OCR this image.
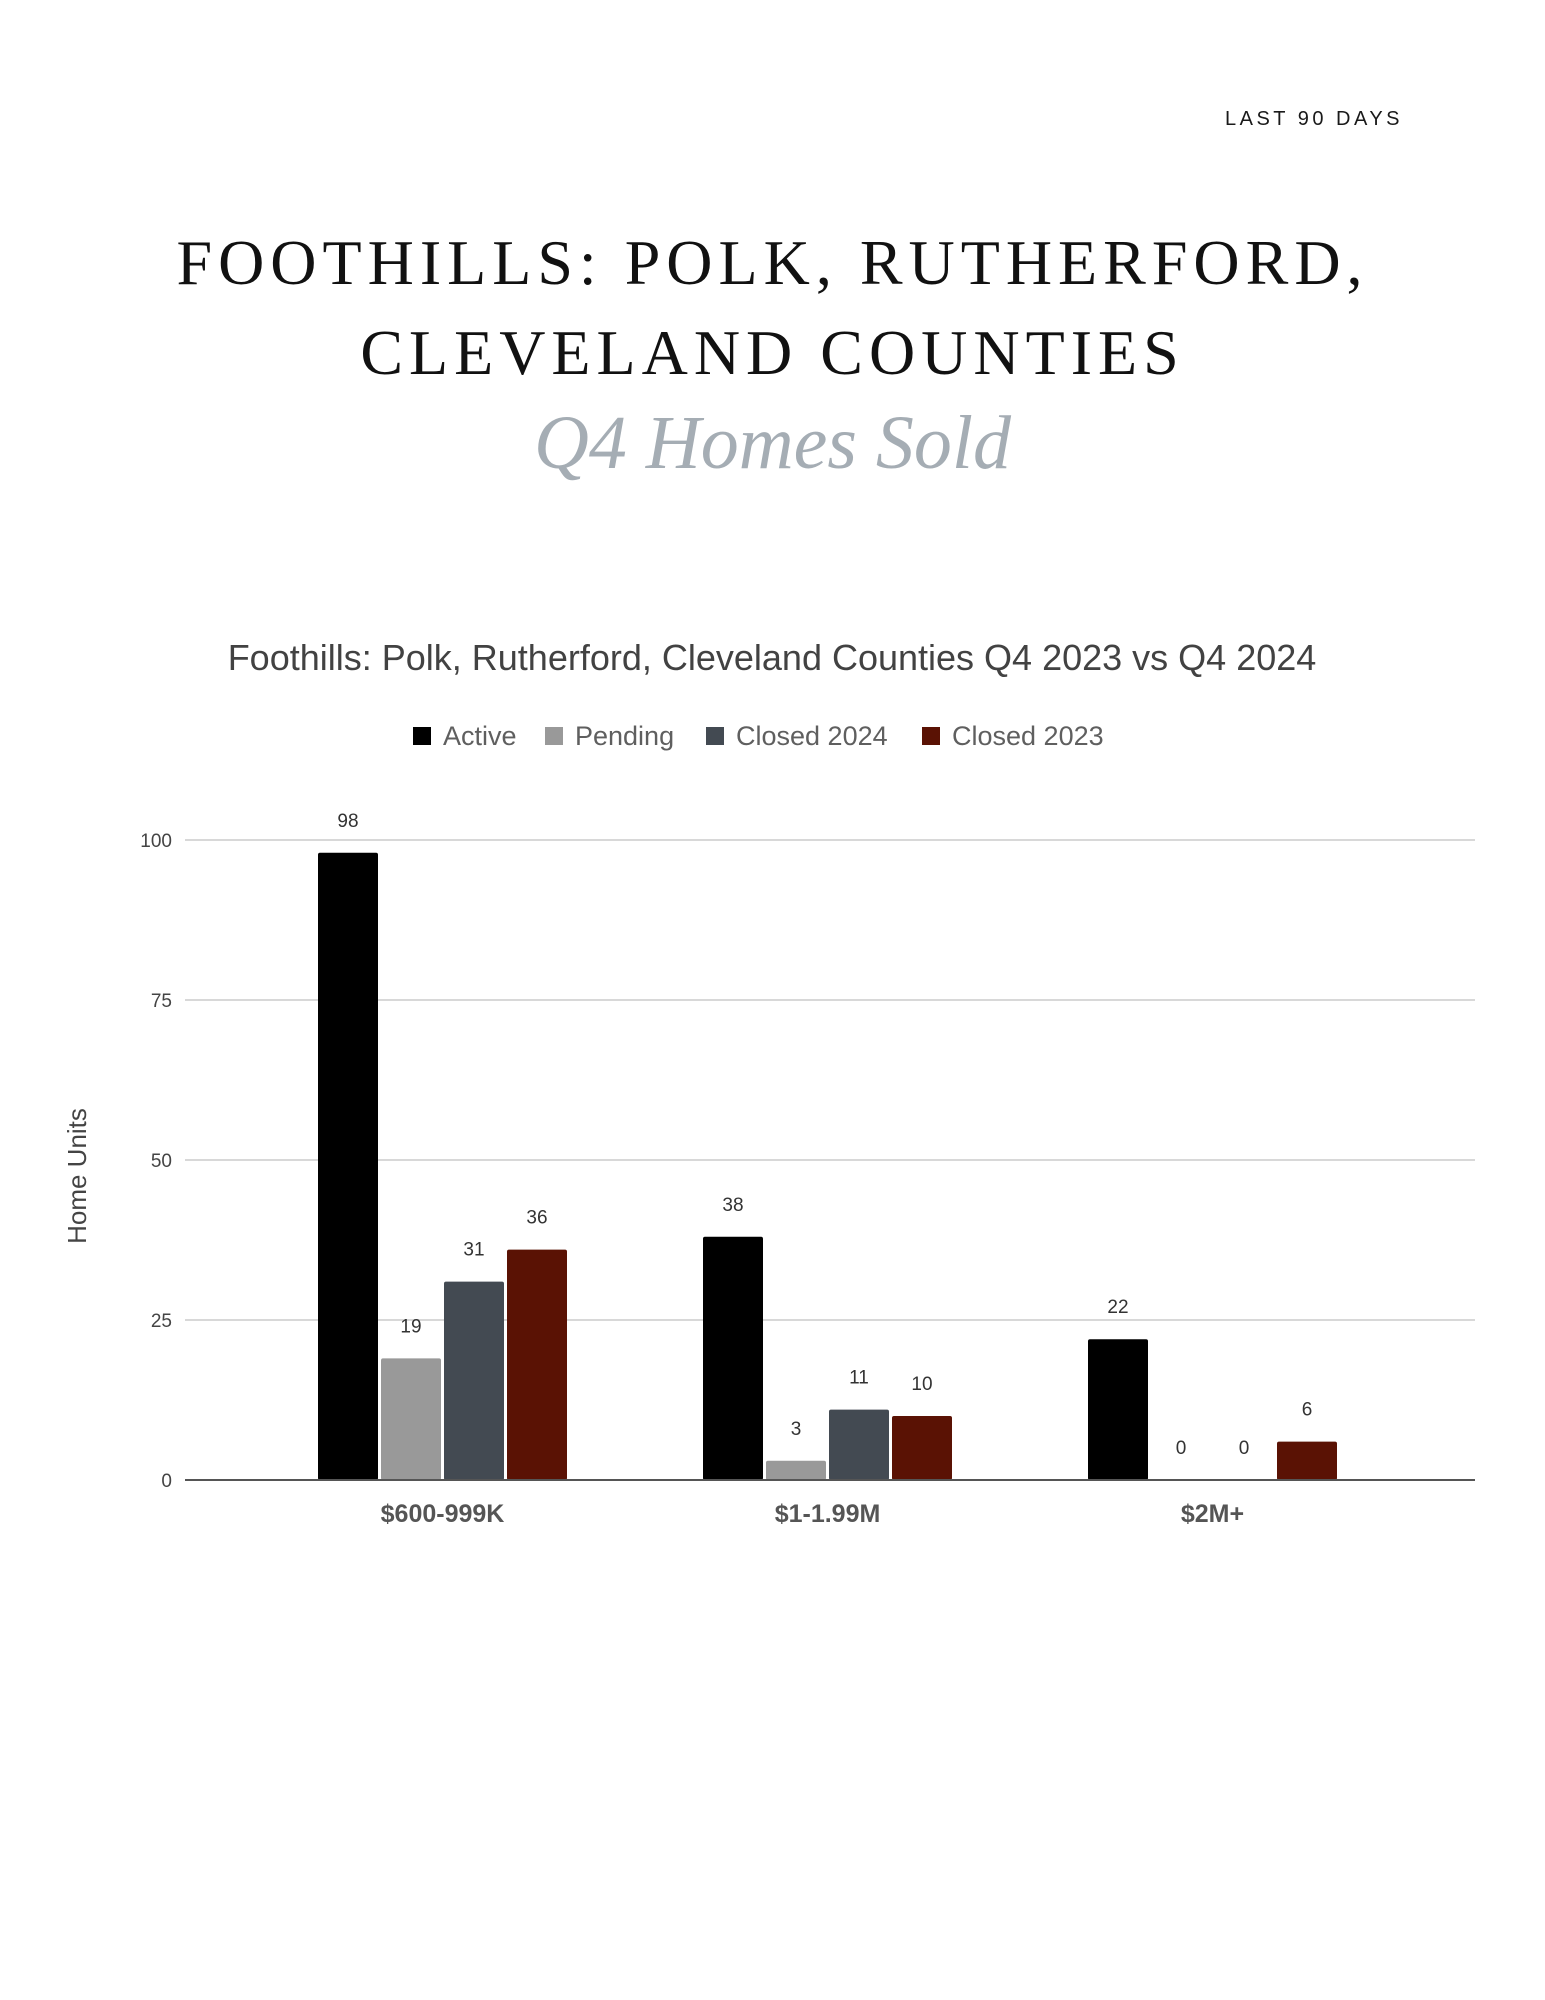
LAST 90 DAYS
FOOTHILLS: POLK, RUTHERFORD,
CLEVELAND COUNTIES
Q4 Homes Sold
Foothills: Polk, Rutherford, Cleveland Counties Q4 2023 vs Q4 2024
Active Pending Closed 2024 Closed 2023
0
25
50
75
100
Home Units
98
19
31
36
38
3
11 10
22
0	0
6
$600-999K	$1-1.99M	$2M+
